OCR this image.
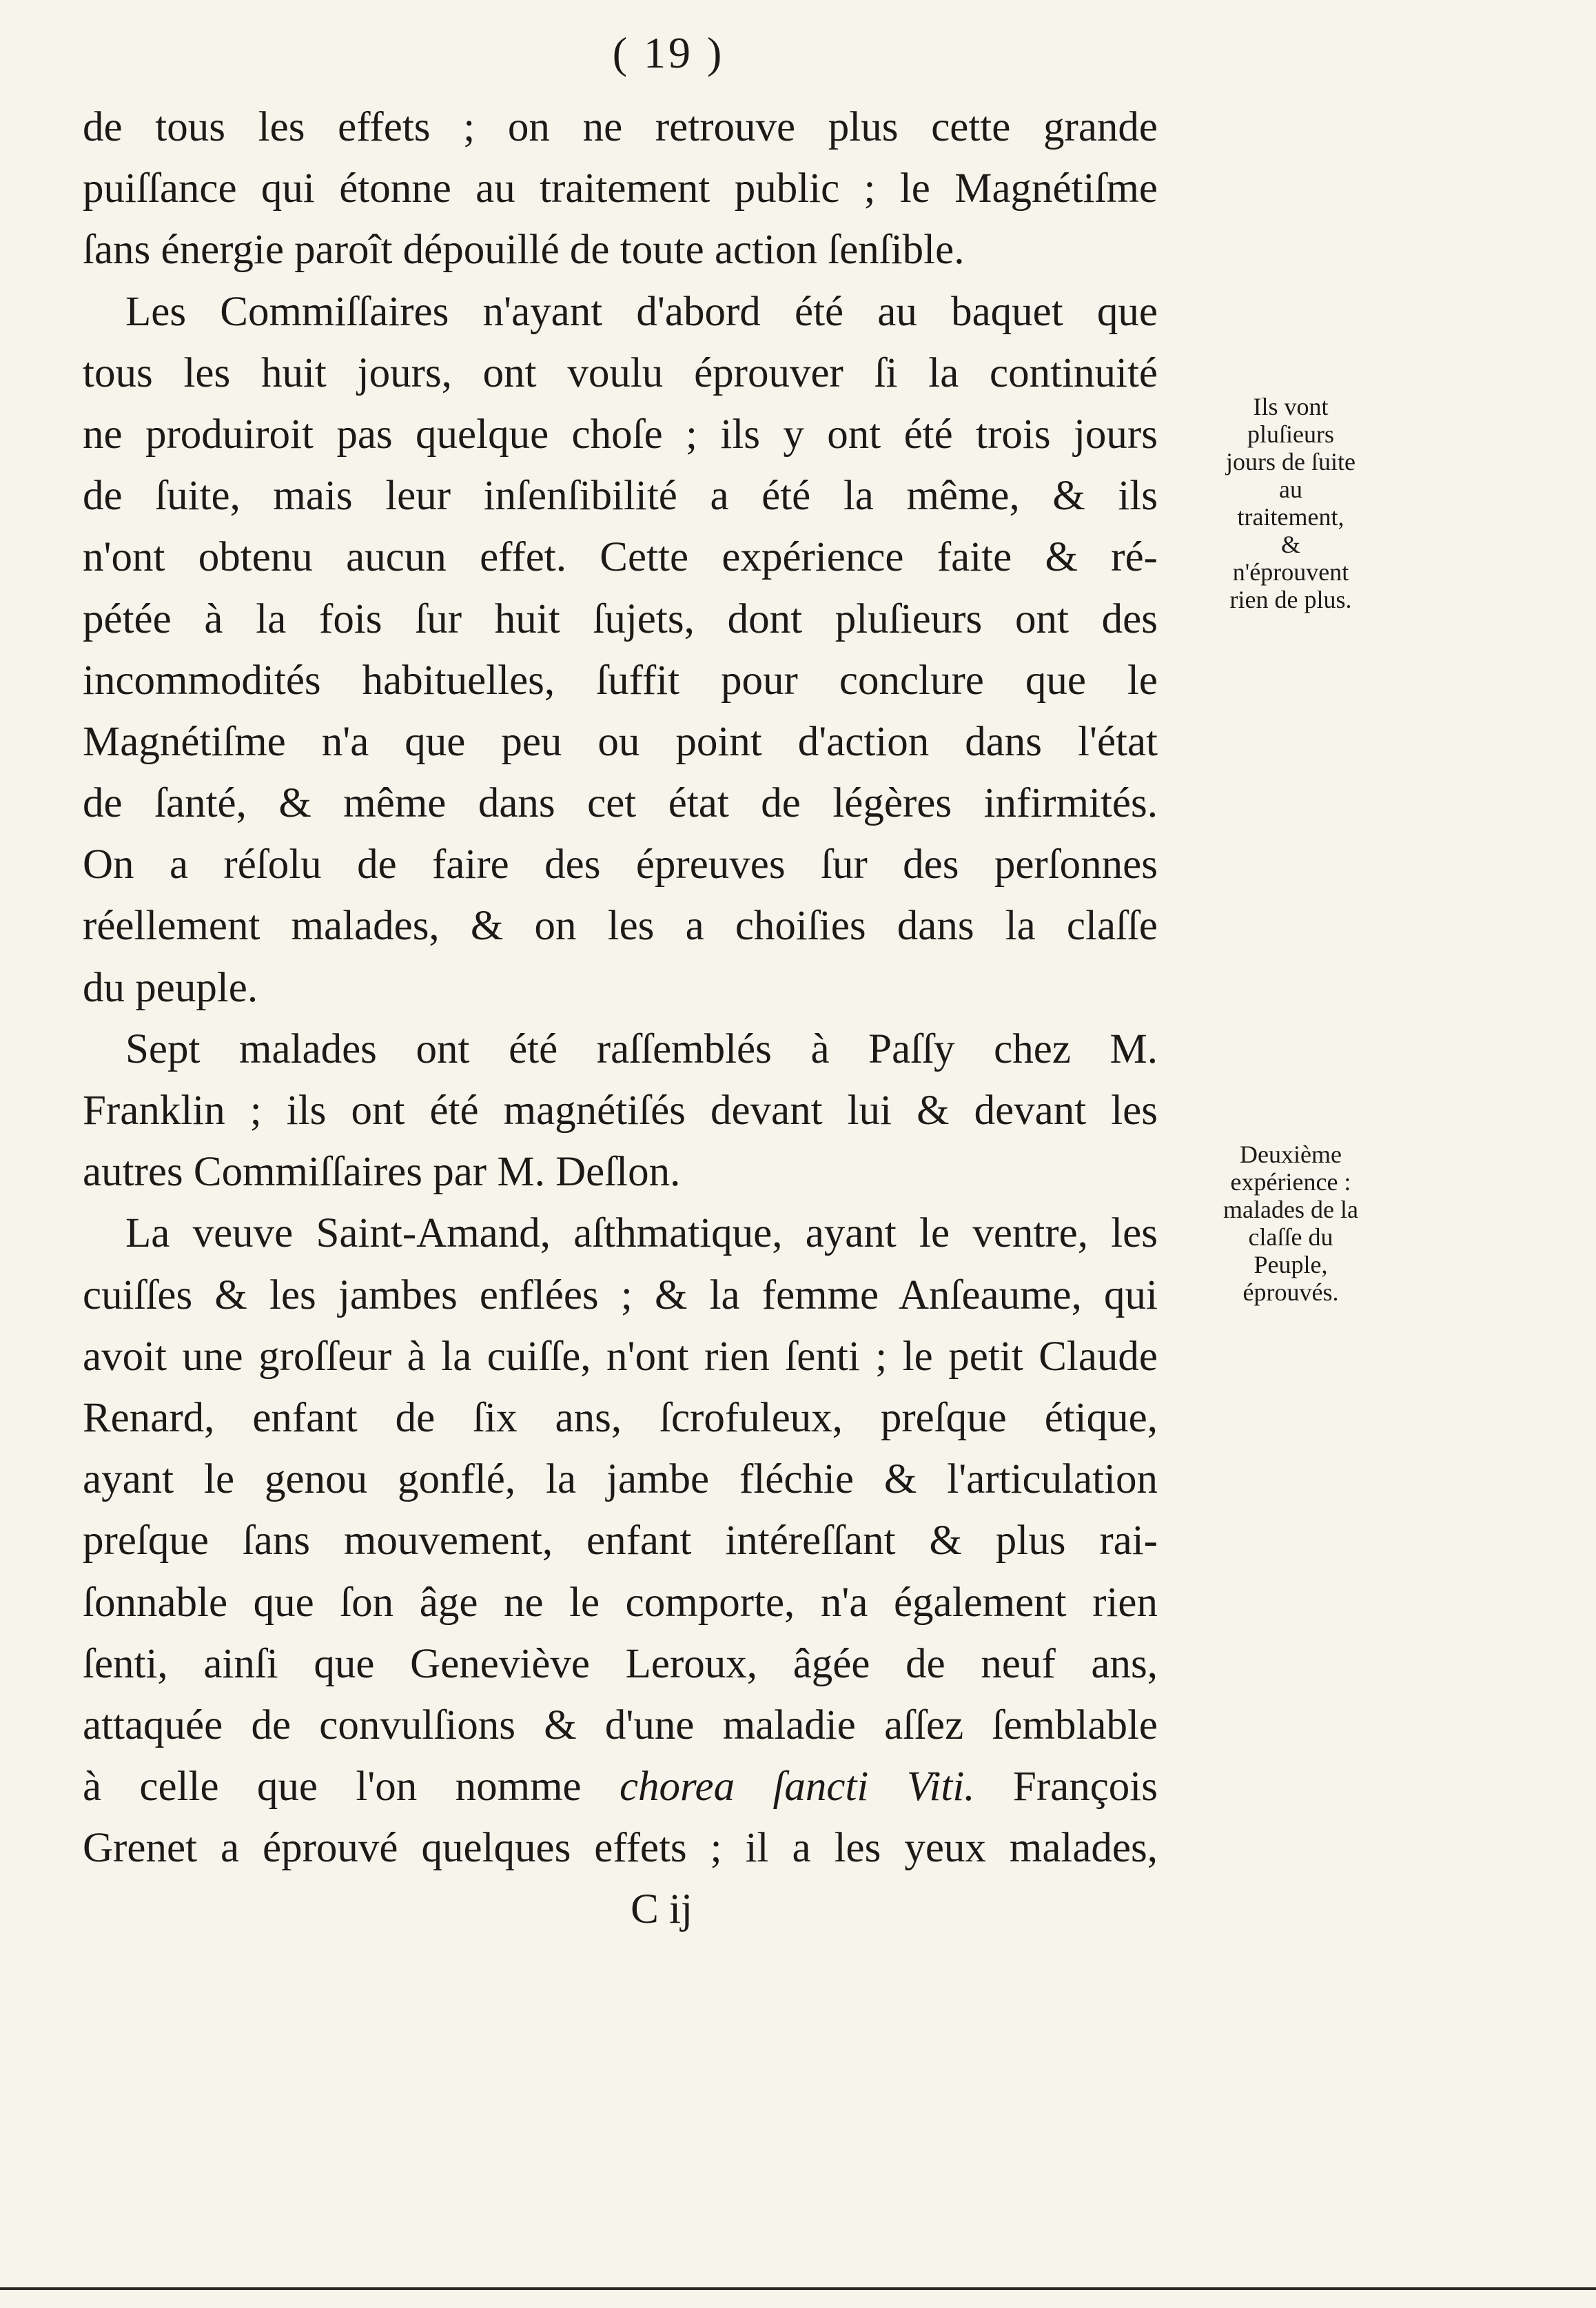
( 19 )
de tous les effets ; on ne retrouve plus cette grande
puiſſance qui étonne au traitement public ; le Magnétiſme
ſans énergie paroît dépouillé de toute action ſenſible.
Les Commiſſaires n'ayant d'abord été au baquet que
tous les huit jours, ont voulu éprouver ſi la continuité
ne produiroit pas quelque choſe ; ils y ont été trois jours
de ſuite, mais leur inſenſibilité a été la même, & ils
n'ont obtenu aucun effet. Cette expérience faite & ré-
pétée à la fois ſur huit ſujets, dont pluſieurs ont des
incommodités habituelles, ſuffit pour conclure que le
Magnétiſme n'a que peu ou point d'action dans l'état
de ſanté, & même dans cet état de légères infirmités.
On a réſolu de faire des épreuves ſur des perſonnes
réellement malades, & on les a choiſies dans la claſſe
du peuple.
Sept malades ont été raſſemblés à Paſſy chez M.
Franklin ; ils ont été magnétiſés devant lui & devant les
autres Commiſſaires par M. Deſlon.
La veuve Saint-Amand, aſthmatique, ayant le ventre, les
cuiſſes & les jambes enflées ; & la femme Anſeaume, qui
avoit une groſſeur à la cuiſſe, n'ont rien ſenti ; le petit Claude
Renard, enfant de ſix ans, ſcrofuleux, preſque étique,
ayant le genou gonflé, la jambe fléchie & l'articulation
preſque ſans mouvement, enfant intéreſſant & plus rai-
ſonnable que ſon âge ne le comporte, n'a également rien
ſenti, ainſi que Geneviève Leroux, âgée de neuf ans,
attaquée de convulſions & d'une maladie aſſez ſemblable
à celle que l'on nomme chorea ſancti Viti. François
Grenet a éprouvé quelques effets ; il a les yeux malades,
C ij
Ils vont
pluſieurs
jours de ſuite
au
traitement,
&
n'éprouvent
rien de plus.
Deuxième
expérience :
malades de la
claſſe du
Peuple,
éprouvés.
